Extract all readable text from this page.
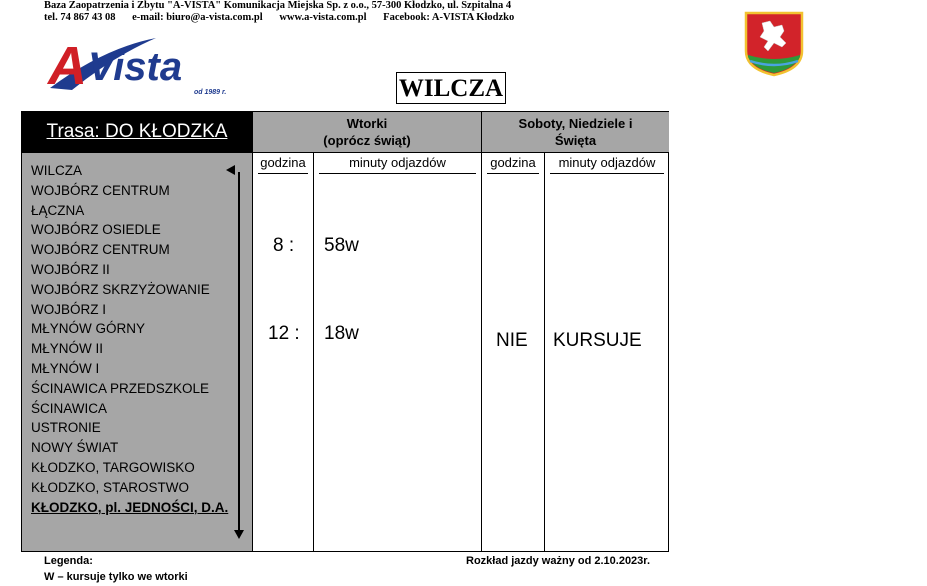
Baza Zaopatrzenia i Zbytu "A-VISTA" Komunikacja Miejska Sp. z o.o., 57-300 Kłodzko, ul. Szpitalna 4
tel. 74 867 43 08 e-mail: biuro@a-vista.com.pl www.a-vista.com.pl Facebook: A-VISTA Kłodzko
A Vista
od 1989 r.	WILCZA
Trasa: DO KŁODZKA	Wtorki
(oprócz świąt)
Soboty, Niedziele i
Święta
WILCZA
WOJBÓRZ CENTRUM
ŁĄCZNA
WOJBÓRZ OSIEDLE
WOJBÓRZ CENTRUM
WOJBÓRZ II
WOJBÓRZ SKRZYŻOWANIE
WOJBÓRZ I
MŁYNÓW GÓRNY
MŁYNÓW II
MŁYNÓW I
ŚCINAWICA PRZEDSZKOLE
ŚCINAWICA
USTRONIE
NOWY ŚWIAT
KŁODZKO, TARGOWISKO
KŁODZKO, STAROSTWO
KŁODZKO, pl. JEDNOŚCI, D.A.
godzina
8 :
12 :
minuty odjazdów
58w
18w
godzina
NIE
minuty odjazdów
KURSUJE
Legenda:
W – kursuje tylko we wtorki
Rozkład jazdy ważny od 2.10.2023r.
